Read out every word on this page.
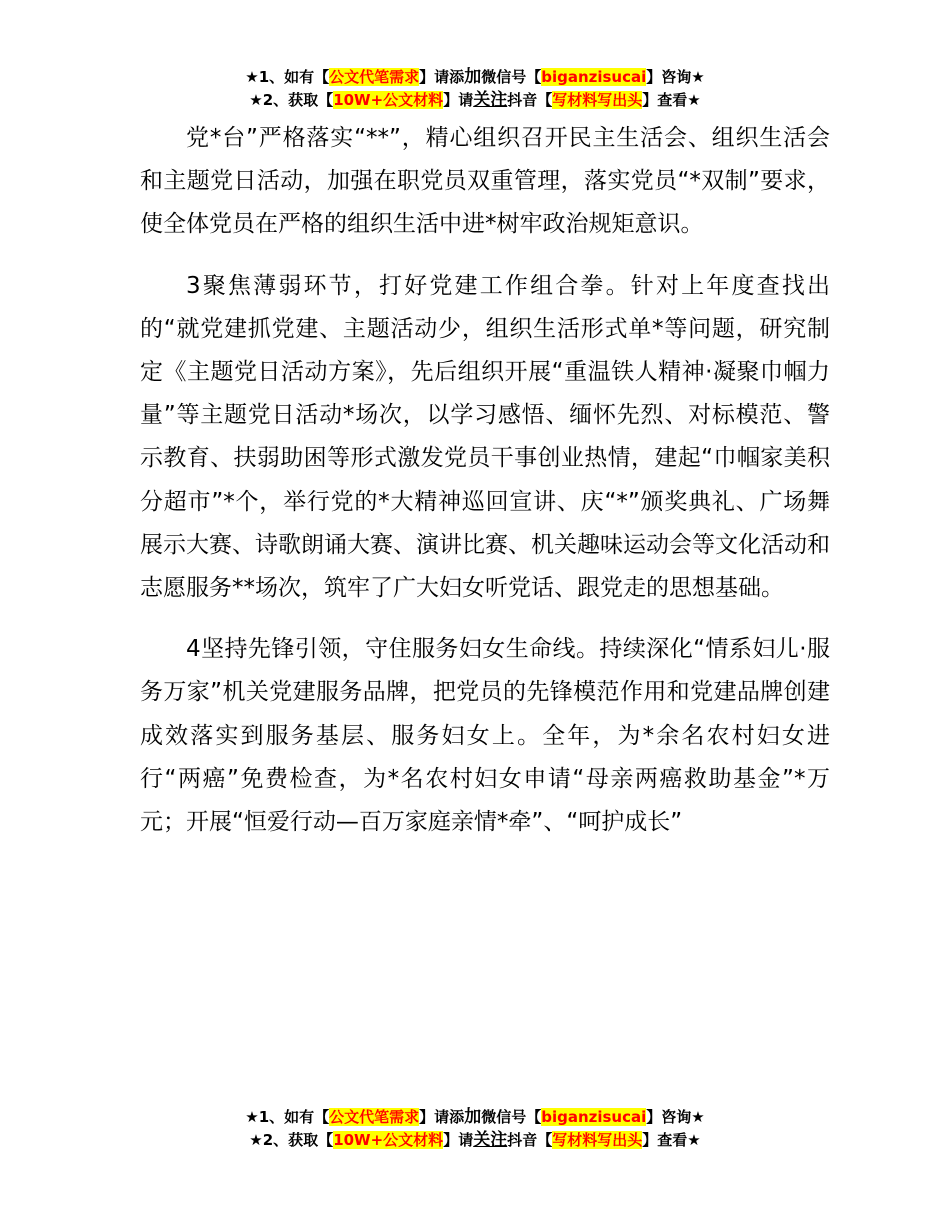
★1、如有【公文代笔需求】请添加微信号【biganzisucai】咨询★
★2、获取【10W+公文材料】请关注抖音【写材料写出头】查看★

党*台”严格落实“**”，精心组织召开民主生活会、组织生活会和主题党日活动，加强在职党员双重管理，落实党员“*双制”要求，使全体党员在严格的组织生活中进*树牢政治规矩意识。

3聚焦薄弱环节，打好党建工作组合拳。针对上年度查找出的“就党建抓党建、主题活动少，组织生活形式单*等问题，研究制定《主题党日活动方案》，先后组织开展“重温铁人精神·凝聚巾帼力量”等主题党日活动*场次，以学习感悟、缅怀先烈、对标模范、警示教育、扶弱助困等形式激发党员干事创业热情，建起“巾帼家美积分超市”*个，举行党的*大精神巡回宣讲、庆“*”颁奖典礼、广场舞展示大赛、诗歌朗诵大赛、演讲比赛、机关趣味运动会等文化活动和志愿服务**场次，筑牢了广大妇女听党话、跟党走的思想基础。

4坚持先锋引领，守住服务妇女生命线。持续深化“情系妇儿·服务万家”机关党建服务品牌，把党员的先锋模范作用和党建品牌创建成效落实到服务基层、服务妇女上。全年，为*余名农村妇女进行“两癌”免费检查，为*名农村妇女申请“母亲两癌救助基金”*万元；开展“恒爱行动—百万家庭亲情*牵”、“呵护成长”

★1、如有【公文代笔需求】请添加微信号【biganzisucai】咨询★
★2、获取【10W+公文材料】请关注抖音【写材料写出头】查看★
